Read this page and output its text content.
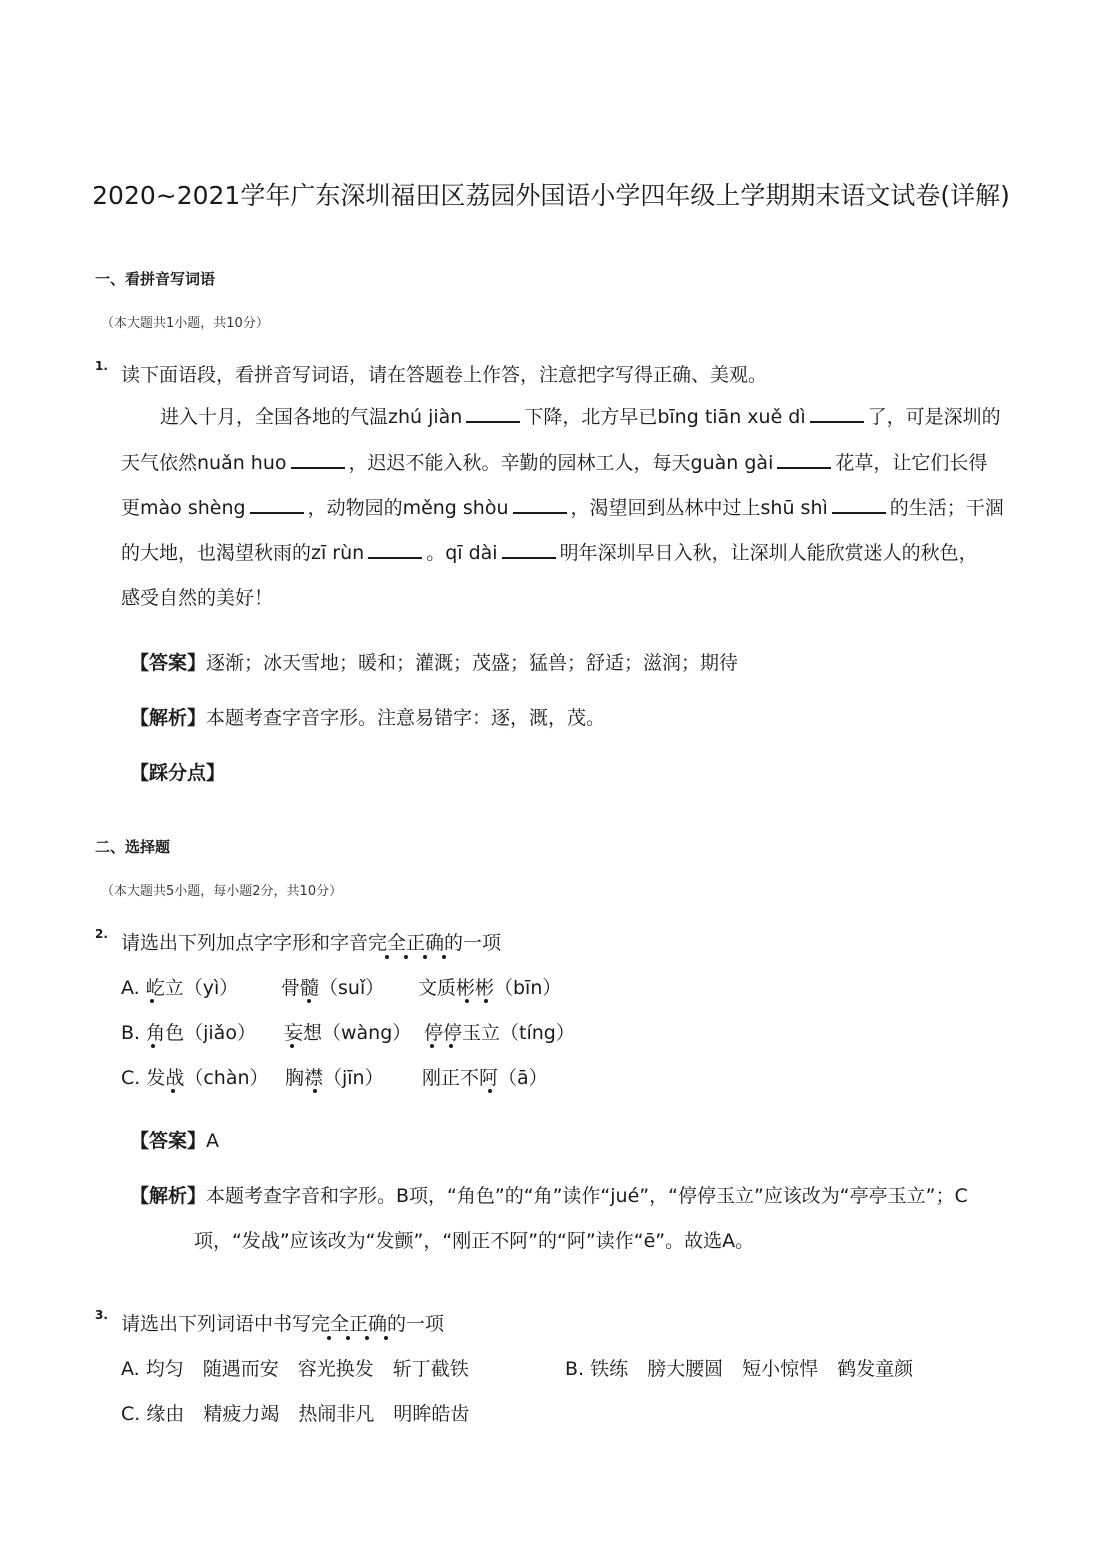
2020~2021学年广东深圳福田区荔园外国语小学四年级上学期期末语文试卷(详解)
一、看拼音写词语
（本大题共1小题，共10分）
1. 读下面语段，看拼音写词语，请在答题卷上作答，注意把字写得正确、美观。
进入十月，全国各地的气温zhú jiàn	下降，北方早已bīng tiān xuě dì	了，可是深圳的
天气依然nuǎn huo	，迟迟不能入秋。辛勤的园林工人，每天guàn gài	花草，让它们长得
更mào shèng	，动物园的měng shòu	，渴望回到丛林中过上shū shì	的生活；干涸
的大地，也渴望秋雨的zī rùn	。qī dài	明年深圳早日入秋，让深圳人能欣赏迷人的秋色，
感受自然的美好！
【答案】逐渐；冰天雪地；暖和；灌溉；茂盛；猛兽；舒适；滋润；期待
【解析】本题考查字音字形。注意易错字：逐，溉，茂。
【踩分点】
二、选择题
（本大题共5小题，每小题2分，共10分）
2. 请选出下列加点字字形和字音完全正确的一项
A. 屹立（yì） 骨髓（suǐ） 文质彬彬（bīn）
B. 角色（jiǎo） 妄想（wàng） 停停玉立（tíng）
C. 发战（chàn） 胸襟（jīn） 刚正不阿（ā）
【答案】A
【解析】本题考查字音和字形。B项，“角色”的“角”读作“jué”，“停停玉立”应该改为“亭亭玉立”；C
项，“发战”应该改为“发颤”，“刚正不阿”的“阿”读作“ē”。故选A。
3. 请选出下列词语中书写完全正确的一项
A. 均匀　随遇而安　容光换发　斩丁截铁	B. 铁练　膀大腰圆　短小惊悍　鹤发童颜
C. 缘由　精疲力竭　热闹非凡　明眸皓齿
